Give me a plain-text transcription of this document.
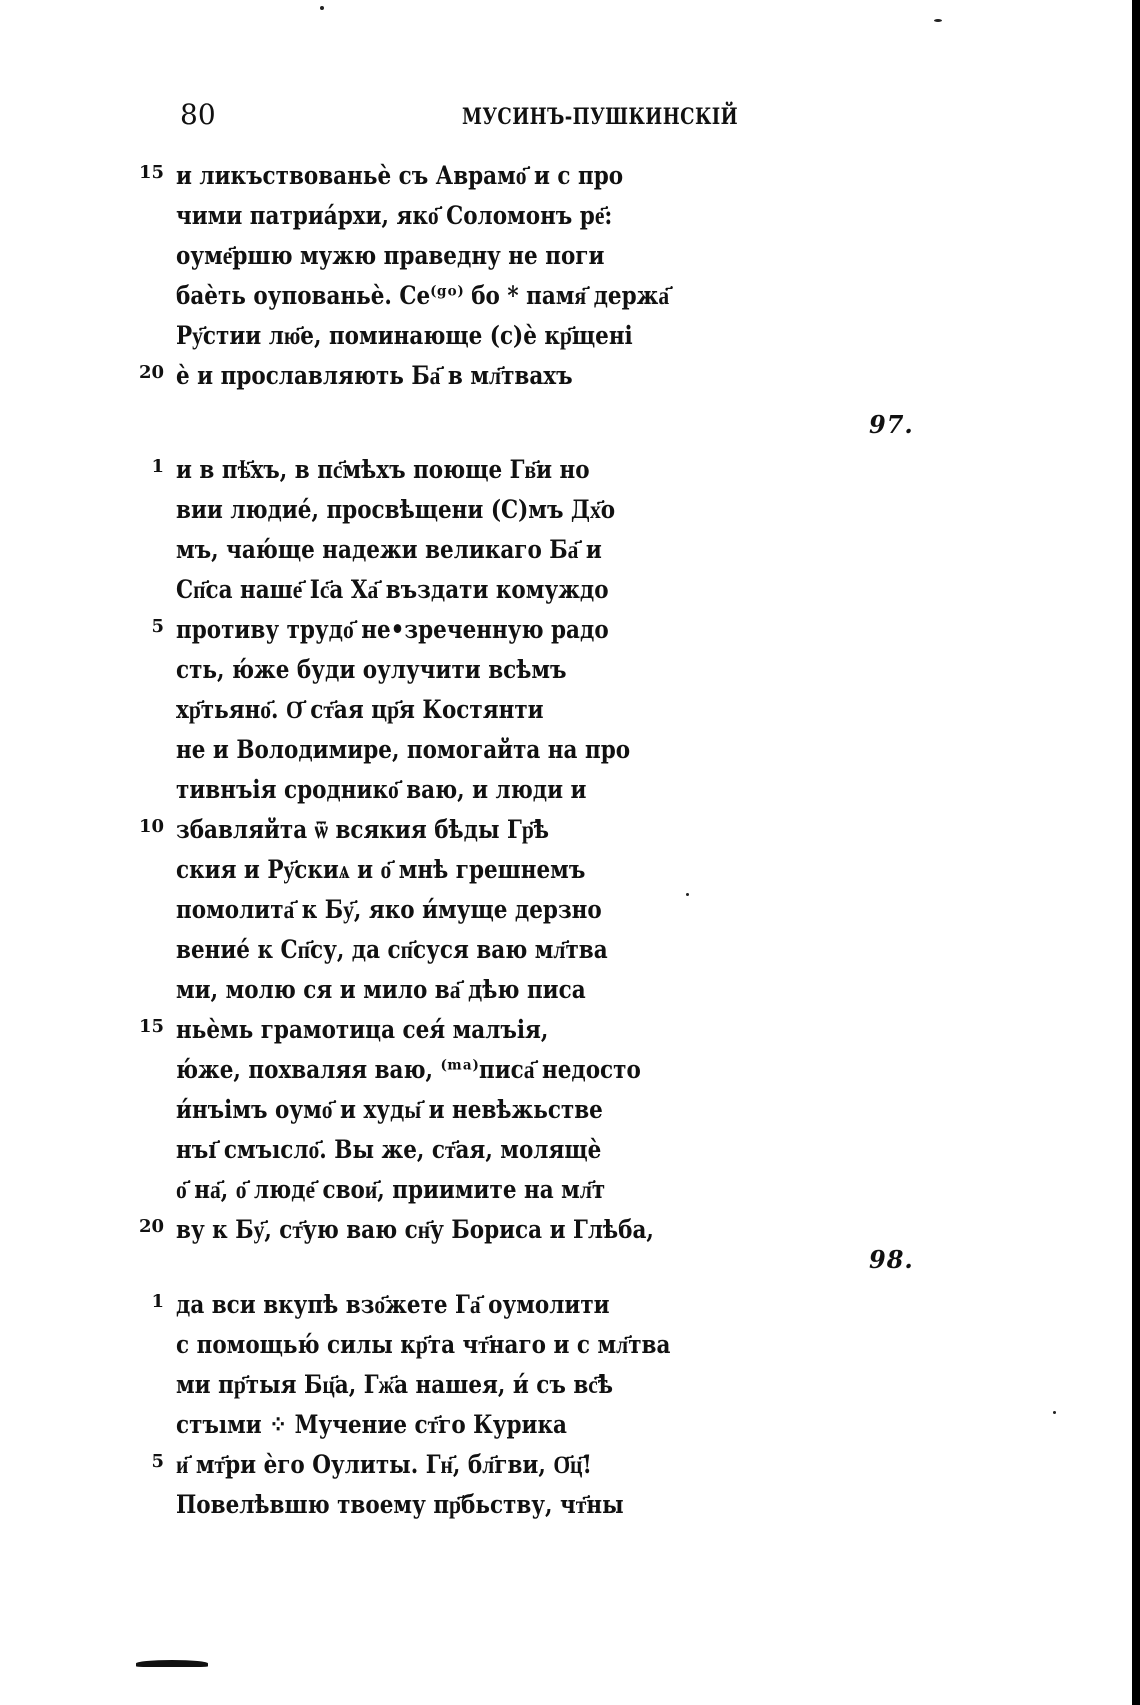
80	МУСИНЪ-ПУШКИНСКІЙ
15 и ликъствованьѐ съ Аврамо҃ и с про
чими патриа́рхи, яко҃ Соломонъ ре҃:
оуме҃ршю мужю праведну не поги
баѐть оупованьѐ. Се⁽ᵍᵒ⁾ бо * памя҃ держа҃
Ру҃стии лю҃е, поминающе (с)ѐ кр҃щені
20 ѐ и прославляють Ба҃ в мл҃твахъ
97.
1 и в пѣ҃хъ, в пс҃мѣхъ поюще Гв҃и но
вии людие́, просвѣщени (С)мъ Дх҃о
мъ, чаю́ще надежи великаго Ба҃ и
Сп҃са наше҃ Іс҃а Ха҃ въздати комуждо
5 противу трудо҃ не•зреченную радо
сть, ю́же буди оулучити всѣмъ
хр҃тьяно҃. О҃ ст҃ая цр҃я Костянти
не и Володимире, помогайта на про
тивнъія сроднико҃ ваю, и люди и
10 збавляйта ѿ всякия бѣды Гр҃ѣ
ския и Ру҃скиѧ и о҃ мнѣ грешнемъ
помолита҃ к Бу҃, яко и́муще дерзно
вение́ к Сп҃су, да сп҃суся ваю мл҃тва
ми, молю ся и мило ва҃ дѣю писа
15 ньѐмь грамотица сея́ малъія,
ю́же, похваляя ваю, ⁽ᵐᵃ⁾писа҃ недосто
и́нъімъ оумо҃ и худы҃ и невѣжьстве
нъı҃ смъıсло҃. Вы же, ст҃ая, молящѐ
о҃ на҃, о҃ люде҃ свои҃, приимите на мл҃т
20 ву к Бу҃, ст҃ую ваю сн҃у Бориса и Глѣба,
98.
1 да вси вкупѣ взо҃жете Га҃ оумолити
с помощью́ силы кр҃та чт҃наго и с мл҃тва
ми пр҃тыя Бц҃а, Гж҃а нашея, и́ съ вс҃ѣ
стъıми ⁘ Мучение ст҃го Курика
5 и҃ мт҃ри ѐго Оулиты. Гн҃, бл҃гви, О҃ц҃!
Повелѣвшю твоему пр҃бьству, чт҃ны
